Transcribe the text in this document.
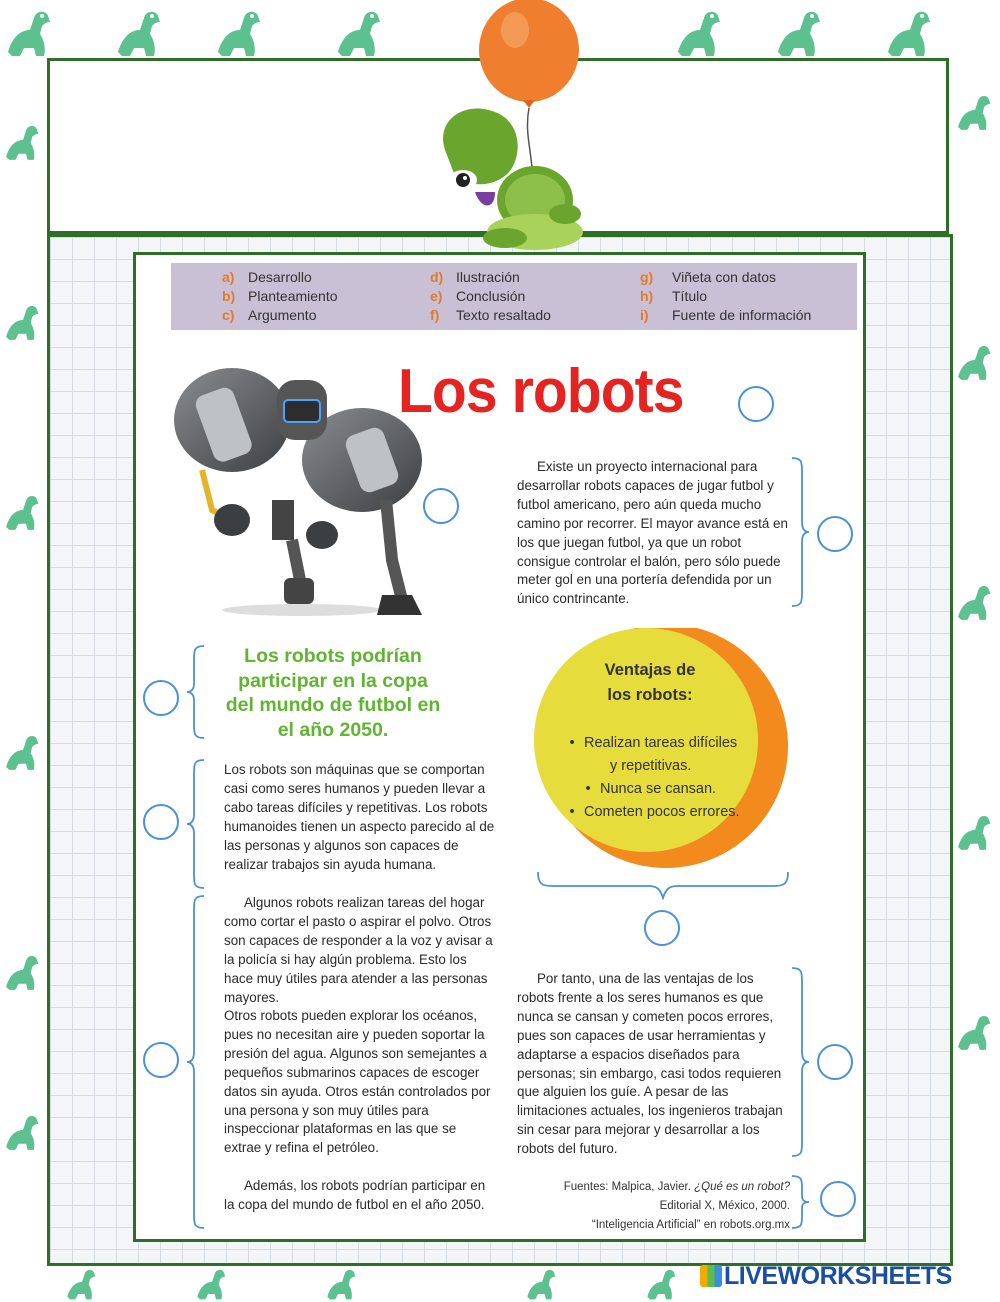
a) Desarrollo
b) Planteamiento
c) Argumento
d) Ilustración
e) Conclusión
f) Texto resaltado
g) Viñeta con datos
h) Título
i) Fuente de información
Los robots
Existe un proyecto internacional para desarrollar robots capaces de jugar futbol y futbol americano, pero aún queda mucho camino por recorrer. El mayor avance está en los que juegan futbol, ya que un robot consigue controlar el balón, pero sólo puede meter gol en una portería defendida por un único contrincante.
Los robots podrían participar en la copa del mundo de futbol en el año 2050.
Los robots son máquinas que se comportan casi como seres humanos y pueden llevar a cabo tareas difíciles y repetitivas. Los robots humanoides tienen un aspecto parecido al de las personas y algunos son capaces de realizar trabajos sin ayuda humana.
Algunos robots realizan tareas del hogar como cortar el pasto o aspirar el polvo. Otros son capaces de responder a la voz y avisar a la policía si hay algún problema. Esto los hace muy útiles para atender a las personas mayores.
Otros robots pueden explorar los océanos, pues no necesitan aire y pueden soportar la presión del agua. Algunos son semejantes a pequeños submarinos capaces de escoger datos sin ayuda. Otros están controlados por una persona y son muy útiles para inspeccionar plataformas en las que se extrae y refina el petróleo.
Además, los robots podrían participar en la copa del mundo de futbol en el año 2050.
Ventajas de
los robots:
• Realizan tareas difíciles
y repetitivas.
• Nunca se cansan.
• Cometen pocos errores.
Por tanto, una de las ventajas de los robots frente a los seres humanos es que nunca se cansan y cometen pocos errores, pues son capaces de usar herramientas y adaptarse a espacios diseñados para personas; sin embargo, casi todos requieren que alguien los guíe. A pesar de las limitaciones actuales, los ingenieros trabajan sin cesar para mejorar y desarrollar a los robots del futuro.
Fuentes: Malpica, Javier. ¿Qué es un robot?
Editorial X, México, 2000.
“Inteligencia Artificial” en robots.org.mx
LIVEWORKSHEETS
